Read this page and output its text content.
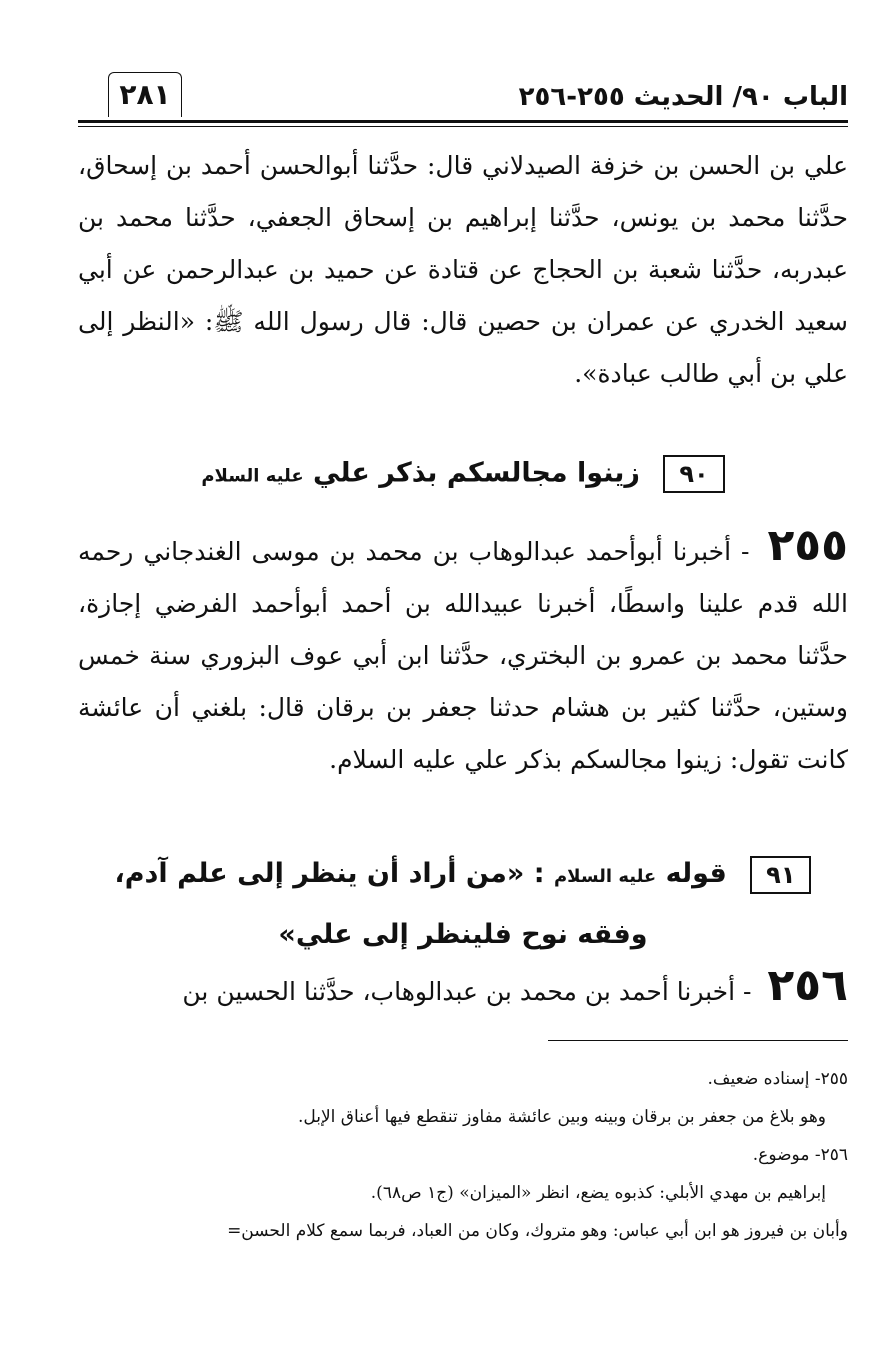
الباب ٩٠/ الحديث ٢٥٥-٢٥٦
٢٨١
علي بن الحسن بن خزفة الصيدلاني قال: حدَّثنا أبوالحسن أحمد بن إسحاق، حدَّثنا محمد بن يونس، حدَّثنا إبراهيم بن إسحاق الجعفي، حدَّثنا محمد بن عبدربه، حدَّثنا شعبة بن الحجاج عن قتادة عن حميد بن عبدالرحمن عن أبي سعيد الخدري عن عمران بن حصين قال: قال رسول الله ﷺ: «النظر إلى علي بن أبي طالب عبادة».
٩٠ زينوا مجالسكم بذكر علي عليه السلام
٢٥٥ - أخبرنا أبوأحمد عبدالوهاب بن محمد بن موسى الغندجاني رحمه الله قدم علينا واسطًا، أخبرنا عبيدالله بن أحمد أبوأحمد الفرضي إجازة، حدَّثنا محمد بن عمرو بن البختري، حدَّثنا ابن أبي عوف البزوري سنة خمس وستين، حدَّثنا كثير بن هشام حدثنا جعفر بن برقان قال: بلغني أن عائشة كانت تقول: زينوا مجالسكم بذكر علي عليه السلام.
٩١ قوله عليه السلام : «من أراد أن ينظر إلى علم آدم، وفقه نوح فلينظر إلى علي»
٢٥٦ - أخبرنا أحمد بن محمد بن عبدالوهاب، حدَّثنا الحسين بن
٢٥٥- إسناده ضعيف.
وهو بلاغ من جعفر بن برقان وبينه وبين عائشة مفاوز تنقطع فيها أعناق الإبل.
٢٥٦- موضوع.
إبراهيم بن مهدي الأبلي: كذبوه يضع، انظر «الميزان» (ج١ ص٦٨).
وأبان بن فيروز هو ابن أبي عباس: وهو متروك، وكان من العباد، فربما سمع كلام الحسن=
